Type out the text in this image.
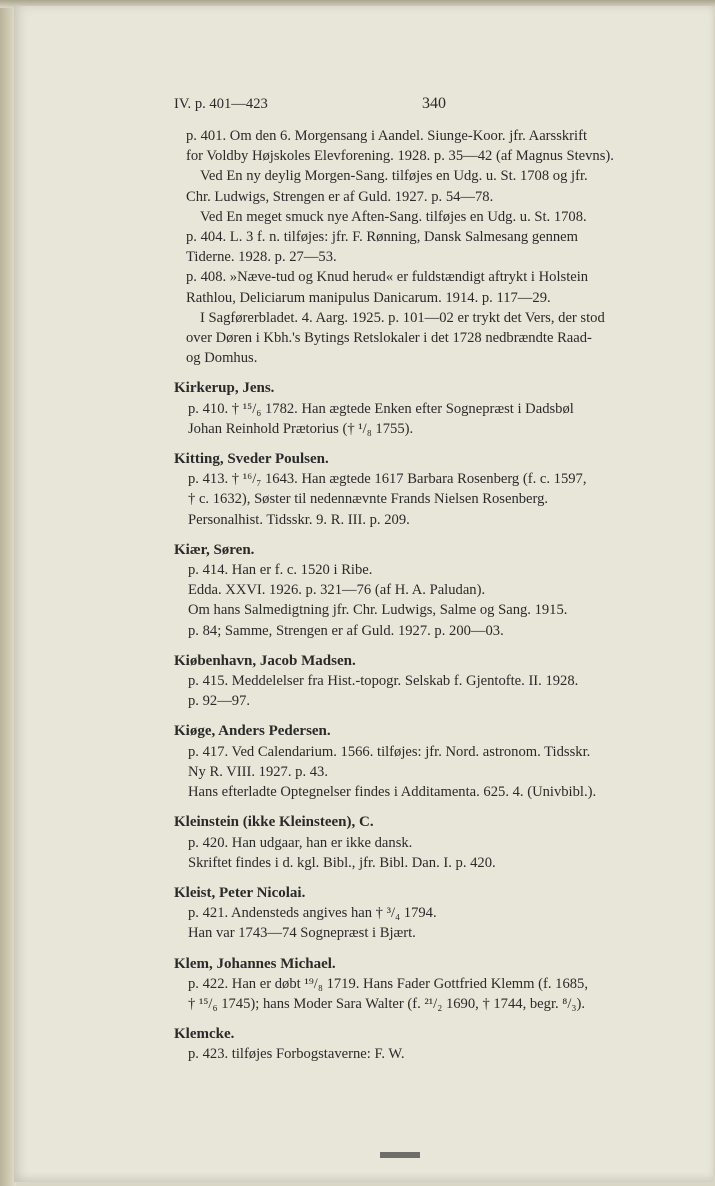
IV. p. 401—423	340
p. 401. Om den 6. Morgensang i Aandel. Siunge-Koor. jfr. Aarsskrift
for Voldby Højskoles Elevforening. 1928. p. 35—42 (af Magnus Stevns).
Ved En ny deylig Morgen-Sang. tilføjes en Udg. u. St. 1708 og jfr.
Chr. Ludwigs, Strengen er af Guld. 1927. p. 54—78.
Ved En meget smuck nye Aften-Sang. tilføjes en Udg. u. St. 1708.
p. 404. L. 3 f. n. tilføjes: jfr. F. Rønning, Dansk Salmesang gennem
Tiderne. 1928. p. 27—53.
p. 408. »Næve-tud og Knud herud« er fuldstændigt aftrykt i Holstein
Rathlou, Deliciarum manipulus Danicarum. 1914. p. 117—29.
I Sagførerbladet. 4. Aarg. 1925. p. 101—02 er trykt det Vers, der stod
over Døren i Kbh.'s Bytings Retslokaler i det 1728 nedbrændte Raad-
og Domhus.

Kirkerup, Jens.

p. 410. † ¹⁵/₆ 1782. Han ægtede Enken efter Sognepræst i Dadsbøl
Johan Reinhold Prætorius († ¹/₈ 1755).

Kitting, Sveder Poulsen.

p. 413. † ¹⁶/₇ 1643. Han ægtede 1617 Barbara Rosenberg (f. c. 1597,
† c. 1632), Søster til nedennævnte Frands Nielsen Rosenberg.
Personalhist. Tidsskr. 9. R. III. p. 209.

Kiær, Søren.

p. 414. Han er f. c. 1520 i Ribe.
Edda. XXVI. 1926. p. 321—76 (af H. A. Paludan).
Om hans Salmedigtning jfr. Chr. Ludwigs, Salme og Sang. 1915.
p. 84; Samme, Strengen er af Guld. 1927. p. 200—03.

Kiøbenhavn, Jacob Madsen.

p. 415. Meddelelser fra Hist.-topogr. Selskab f. Gjentofte. II. 1928.
p. 92—97.

Kiøge, Anders Pedersen.

p. 417. Ved Calendarium. 1566. tilføjes: jfr. Nord. astronom. Tidsskr.
Ny R. VIII. 1927. p. 43.
Hans efterladte Optegnelser findes i Additamenta. 625. 4. (Univbibl.).

Kleinstein (ikke Kleinsteen), C.

p. 420. Han udgaar, han er ikke dansk.
Skriftet findes i d. kgl. Bibl., jfr. Bibl. Dan. I. p. 420.

Kleist, Peter Nicolai.

p. 421. Andensteds angives han † ³/₄ 1794.
Han var 1743—74 Sognepræst i Bjært.

Klem, Johannes Michael.

p. 422. Han er døbt ¹⁹/₈ 1719. Hans Fader Gottfried Klemm (f. 1685,
† ¹⁵/₆ 1745); hans Moder Sara Walter (f. ²¹/₂ 1690, † 1744, begr. ⁸/₃).

Klemcke.

p. 423. tilføjes Forbogstaverne: F. W.
